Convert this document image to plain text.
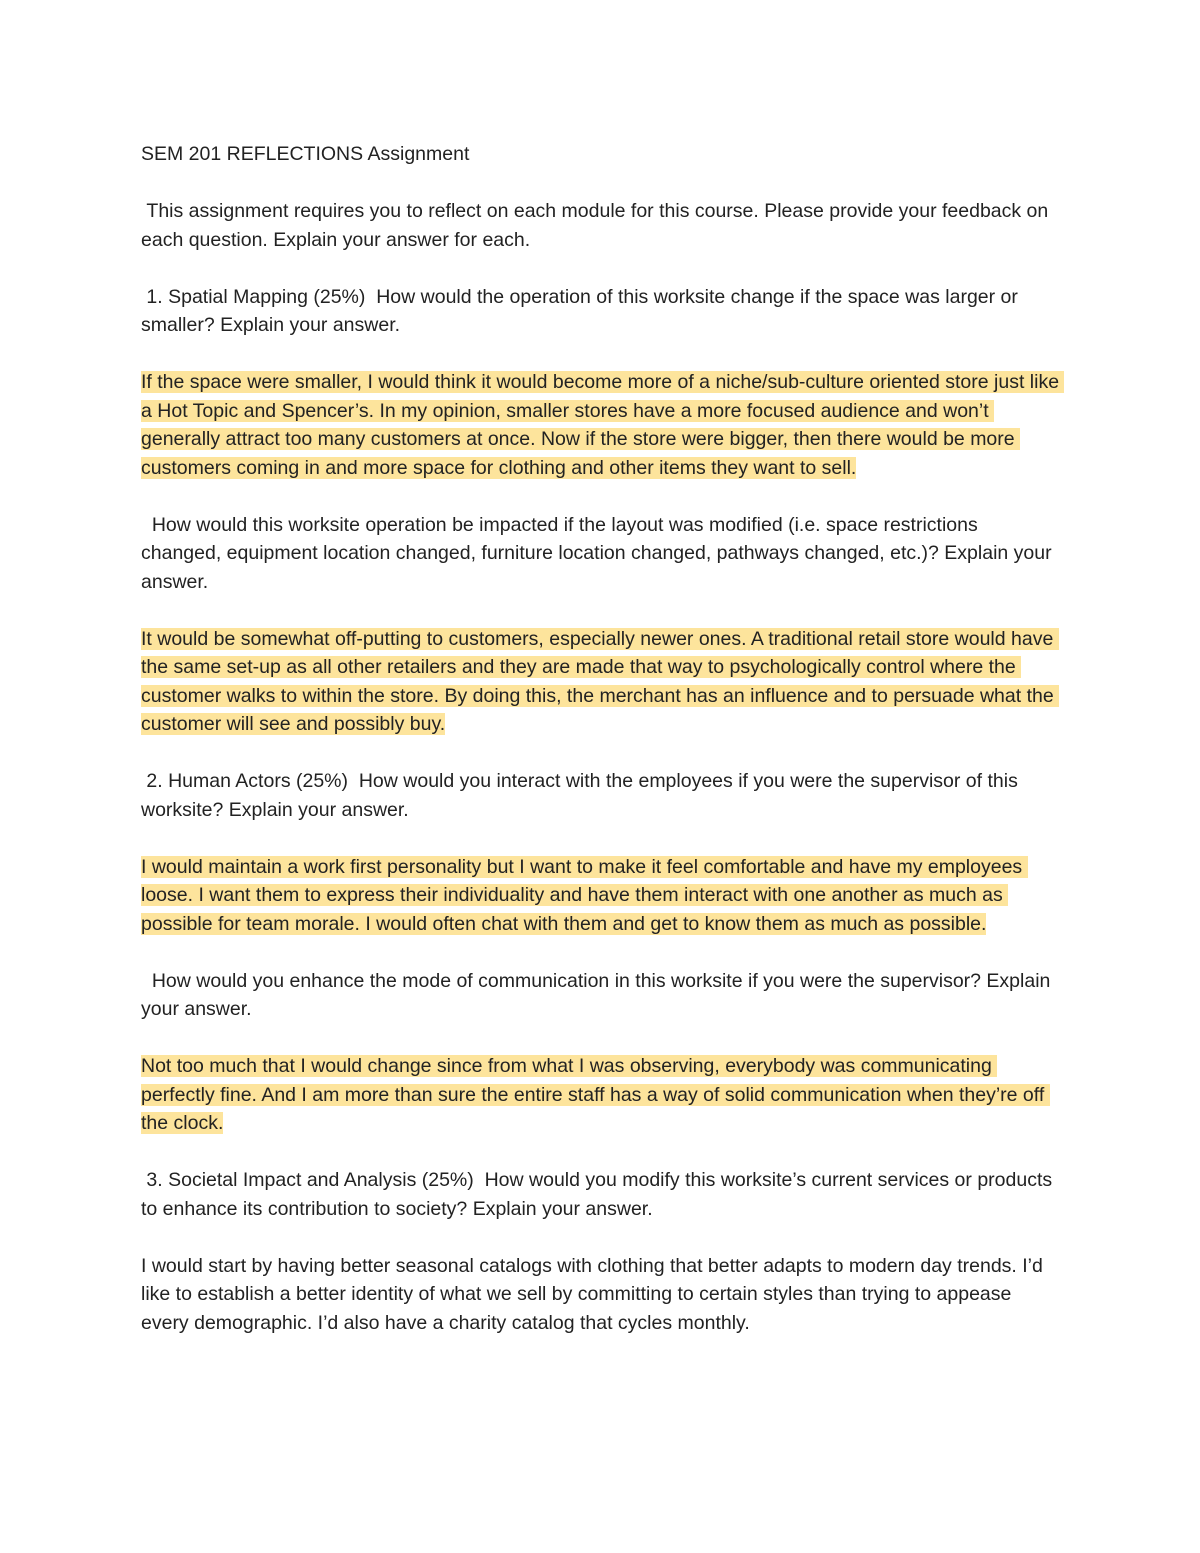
SEM 201 REFLECTIONS Assignment

This assignment requires you to reflect on each module for this course. Please provide your feedback on each question. Explain your answer for each.

1. Spatial Mapping (25%)  How would the operation of this worksite change if the space was larger or smaller? Explain your answer.

If the space were smaller, I would think it would become more of a niche/sub-culture oriented store just like a Hot Topic and Spencer’s. In my opinion, smaller stores have a more focused audience and won’t generally attract too many customers at once. Now if the store were bigger, then there would be more customers coming in and more space for clothing and other items they want to sell.

How would this worksite operation be impacted if the layout was modified (i.e. space restrictions changed, equipment location changed, furniture location changed, pathways changed, etc.)? Explain your answer.

It would be somewhat off-putting to customers, especially newer ones. A traditional retail store would have the same set-up as all other retailers and they are made that way to psychologically control where the customer walks to within the store. By doing this, the merchant has an influence and to persuade what the customer will see and possibly buy.

2. Human Actors (25%)  How would you interact with the employees if you were the supervisor of this worksite? Explain your answer.

I would maintain a work first personality but I want to make it feel comfortable and have my employees loose. I want them to express their individuality and have them interact with one another as much as possible for team morale. I would often chat with them and get to know them as much as possible.

How would you enhance the mode of communication in this worksite if you were the supervisor? Explain your answer.

Not too much that I would change since from what I was observing, everybody was communicating perfectly fine. And I am more than sure the entire staff has a way of solid communication when they’re off the clock.

3. Societal Impact and Analysis (25%)  How would you modify this worksite’s current services or products to enhance its contribution to society? Explain your answer.

I would start by having better seasonal catalogs with clothing that better adapts to modern day trends. I’d like to establish a better identity of what we sell by committing to certain styles than trying to appease every demographic. I’d also have a charity catalog that cycles monthly.
